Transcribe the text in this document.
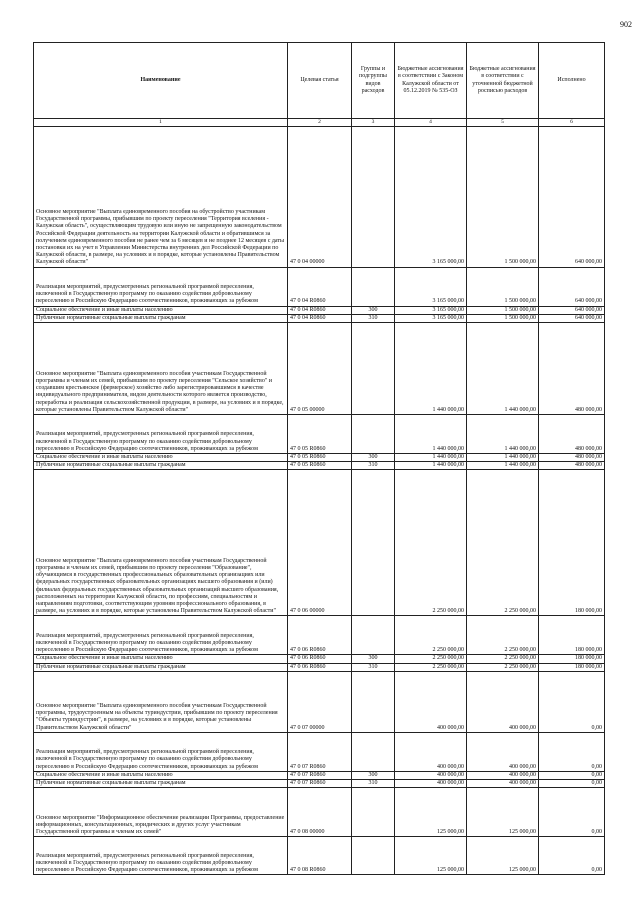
902
Наименование	Целевая статья	Группы и подгруппы видов расходов	Бюджетные ассигнования в соответствии с Законом Калужской области от 05.12.2019 № 535-ОЗ	Бюджетные ассигнования в соответствии с уточненной бюджетной росписью расходов	Исполнено
1	2	3	4	5	6
Основное мероприятие "Выплата единовременного пособия на обустройство участникам Государственной программы, прибывшим по проекту переселения "Территория вселения - Калужская область", осуществляющим трудовую или иную не запрещенную законодательством Российской Федерации деятельность на территории Калужской области и обратившимся за получением единовременного пособия не ранее чем за 6 месяцев и не позднее 12 месяцев с даты постановки их на учет в Управлении Министерства внутренних дел Российской Федерации по Калужской области, в размере, на условиях и в порядке, которые установлены Правительством Калужской области"	47 0 04 00000		3 165 000,00	1 500 000,00	640 000,00
Реализация мероприятий, предусмотренных региональной программой переселения, включенной в Государственную программу по оказанию содействия добровольному переселению в Российскую Федерацию соотечественников, проживающих за рубежом	47 0 04 R0860		3 165 000,00	1 500 000,00	640 000,00
Социальное обеспечение и иные выплаты населению	47 0 04 R0860	300	3 165 000,00	1 500 000,00	640 000,00
Публичные нормативные социальные выплаты гражданам	47 0 04 R0860	310	3 165 000,00	1 500 000,00	640 000,00
Основное мероприятие "Выплата единовременного пособия участникам Государственной программы и членам их семей, прибывшим по проекту переселения "Сельское хозяйство" и создавшим крестьянское (фермерское) хозяйство либо зарегистрировавшимся в качестве индивидуального предпринимателя, видом деятельности которого является производство, переработка и реализация сельскохозяйственной продукции, в размере, на условиях и в порядке, которые установлены Правительством Калужской области"	47 0 05 00000		1 440 000,00	1 440 000,00	480 000,00
Реализация мероприятий, предусмотренных региональной программой переселения, включенной в Государственную программу по оказанию содействия добровольному переселению в Российскую Федерацию соотечественников, проживающих за рубежом	47 0 05 R0860		1 440 000,00	1 440 000,00	480 000,00
Социальное обеспечение и иные выплаты населению	47 0 05 R0860	300	1 440 000,00	1 440 000,00	480 000,00
Публичные нормативные социальные выплаты гражданам	47 0 05 R0860	310	1 440 000,00	1 440 000,00	480 000,00
Основное мероприятие "Выплата единовременного пособия участникам Государственной программы и членам их семей, прибывшим по проекту переселения "Образование", обучающимся в государственных профессиональных образовательных организациях или федеральных государственных образовательных организациях высшего образования и (или) филиалах федеральных государственных образовательных организаций высшего образования, расположенных на территории Калужской области, по профессиям, специальностям и направлениям подготовки, соответствующим уровням профессионального образования, в размере, на условиях и в порядке, которые установлены Правительством Калужской области"	47 0 06 00000		2 250 000,00	2 250 000,00	180 000,00
Реализация мероприятий, предусмотренных региональной программой переселения, включенной в Государственную программу по оказанию содействия добровольному переселению в Российскую Федерацию соотечественников, проживающих за рубежом	47 0 06 R0860		2 250 000,00	2 250 000,00	180 000,00
Социальное обеспечение и иные выплаты населению	47 0 06 R0860	300	2 250 000,00	2 250 000,00	180 000,00
Публичные нормативные социальные выплаты гражданам	47 0 06 R0860	310	2 250 000,00	2 250 000,00	180 000,00
Основное мероприятие "Выплата единовременного пособия участникам Государственной программы, трудоустроенным на объекты туриндустрии, прибывшим по проекту переселения "Объекты туриндустрии", в размере, на условиях и в порядке, которые установлены Правительством Калужской области"	47 0 07 00000		400 000,00	400 000,00	0,00
Реализация мероприятий, предусмотренных региональной программой переселения, включенной в Государственную программу по оказанию содействия добровольному переселению в Российскую Федерацию соотечественников, проживающих за рубежом	47 0 07 R0860		400 000,00	400 000,00	0,00
Социальное обеспечение и иные выплаты населению	47 0 07 R0860	300	400 000,00	400 000,00	0,00
Публичные нормативные социальные выплаты гражданам	47 0 07 R0860	310	400 000,00	400 000,00	0,00
Основное мероприятие "Информационное обеспечение реализации Программы, предоставление информационных, консультационных, юридических и других услуг участникам Государственной программы и членам их семей"	47 0 08 00000		125 000,00	125 000,00	0,00
Реализация мероприятий, предусмотренных региональной программой переселения, включенной в Государственную программу по оказанию содействия добровольному переселению в Российскую Федерацию соотечественников, проживающих за рубежом	47 0 08 R0860		125 000,00	125 000,00	0,00
